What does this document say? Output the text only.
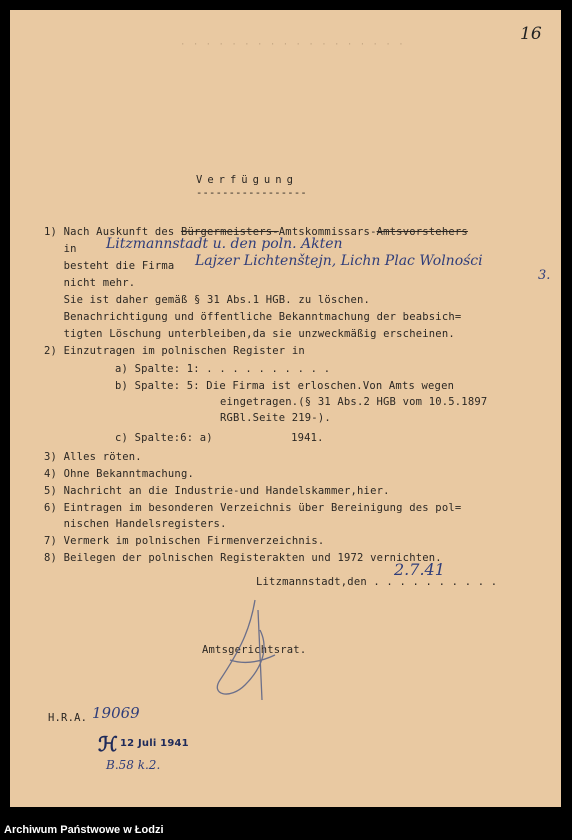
· · · · · · · · · · · · · · · · · ·
16
Verfügung
-----------------
1) Nach Auskunft des Bürgermeisters-Amtskommissars-Amtsvorstehers
in Litzmannstadt u. den poln. Akten
besteht die Firma Lajzer Lichtenštejn, Lichn Plac Wolności
3.
nicht mehr.
Sie ist daher gemäß § 31 Abs.1 HGB. zu löschen.
Benachrichtigung und öffentliche Bekanntmachung der beabsich=
tigten Löschung unterbleiben,da sie unzweckmäßig erscheinen.
2) Einzutragen im polnischen Register in
a) Spalte: 1: . . . . . . . . . .
b) Spalte: 5: Die Firma ist erloschen.Von Amts wegen
eingetragen.(§ 31 Abs.2 HGB vom 10.5.1897
RGBl.Seite 219-).
c) Spalte:6: a)            1941.
3) Alles röten.
4) Ohne Bekanntmachung.
5) Nachricht an die Industrie-und Handelskammer,hier.
6) Eintragen im besonderen Verzeichnis über Bereinigung des pol=
nischen Handelsregisters.
7) Vermerk im polnischen Firmenverzeichnis.
8) Beilegen der polnischen Registerakten und 1972 vernichten.
Litzmannstadt,den . . . . . . . . . .
2.7.41
Amtsgerichtsrat.
H.R.A. 19069
ℋ 12 Juli 1941
B.58 k.2.
Archiwum Państwowe w Łodzi
